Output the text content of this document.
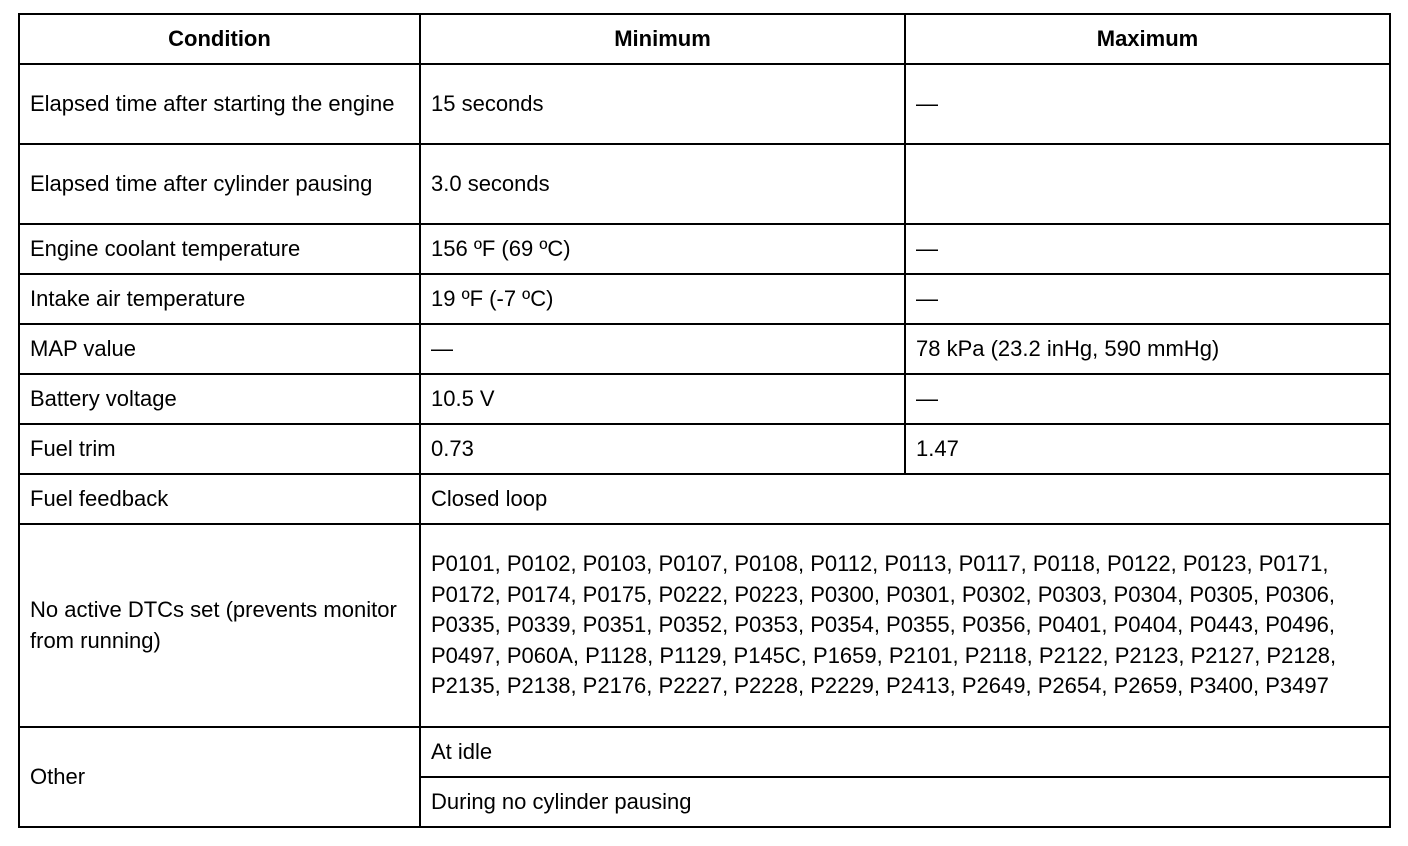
Condition	Minimum	Maximum
Elapsed time after starting the engine	15 seconds	—
Elapsed time after cylinder pausing	3.0 seconds	
Engine coolant temperature	156 ºF (69 ºC)	—
Intake air temperature	19 ºF (-7 ºC)	—
MAP value	—	78 kPa (23.2 inHg, 590 mmHg)
Battery voltage	10.5 V	—
Fuel trim	0.73	1.47
Fuel feedback	Closed loop	
No active DTCs set (prevents monitor from running)	P0101, P0102, P0103, P0107, P0108, P0112, P0113, P0117, P0118, P0122, P0123, P0171, P0172, P0174, P0175, P0222, P0223, P0300, P0301, P0302, P0303, P0304, P0305, P0306, P0335, P0339, P0351, P0352, P0353, P0354, P0355, P0356, P0401, P0404, P0443, P0496, P0497, P060A, P1128, P1129, P145C, P1659, P2101, P2118, P2122, P2123, P2127, P2128, P2135, P2138, P2176, P2227, P2228, P2229, P2413, P2649, P2654, P2659, P3400, P3497	
Other	At idle	
	During no cylinder pausing	
